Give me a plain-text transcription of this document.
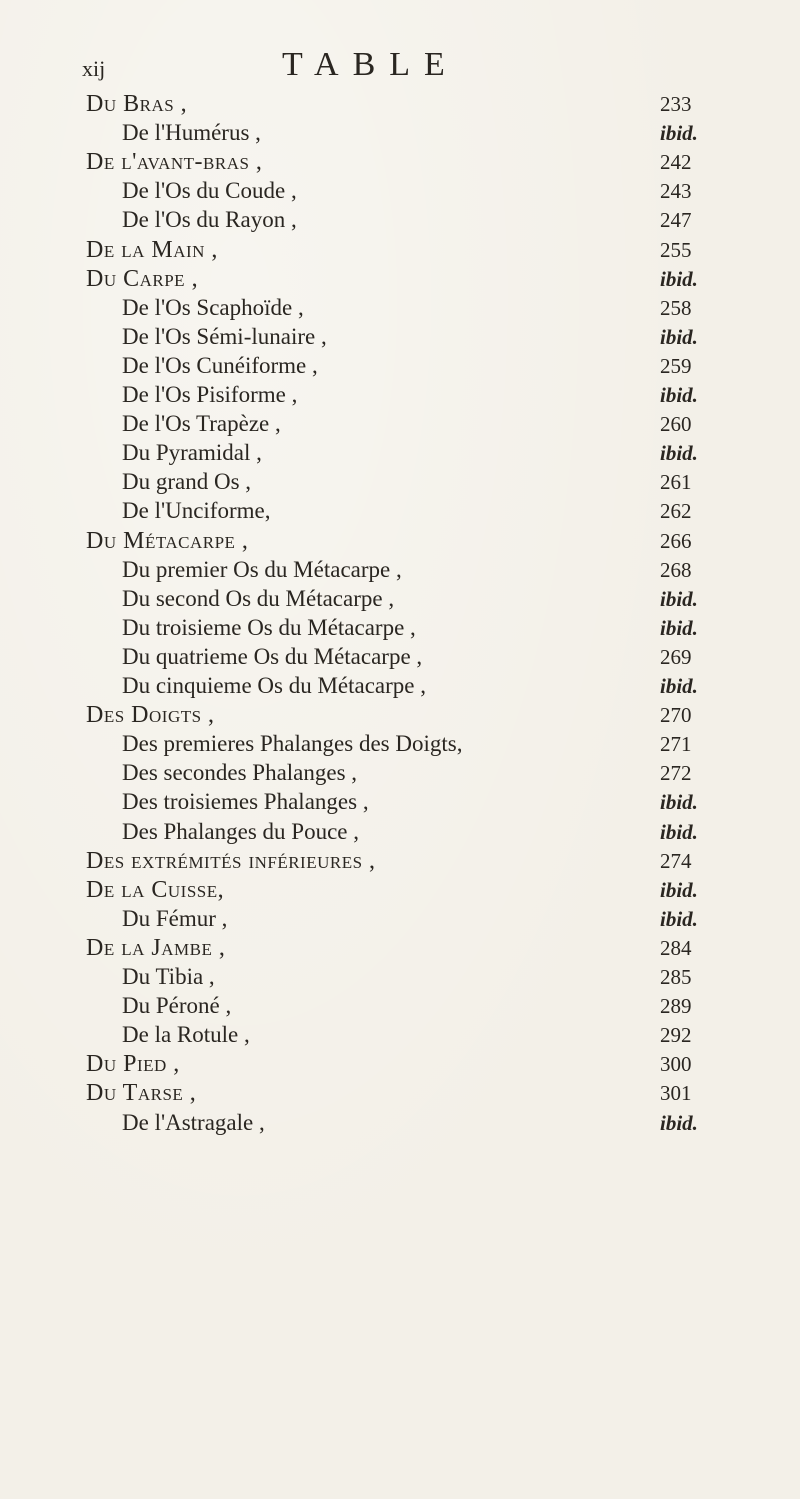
xij	TABLE
Du Bras ,	233
De l'Humérus ,	ibid.
De l'avant-bras ,	242
De l'Os du Coude ,	243
De l'Os du Rayon ,	247
De la Main ,	255
Du Carpe ,	ibid.
De l'Os Scaphoïde ,	258
De l'Os Sémi-lunaire ,	ibid.
De l'Os Cunéiforme ,	259
De l'Os Pisiforme ,	ibid.
De l'Os Trapèze ,	260
Du Pyramidal ,	ibid.
Du grand Os ,	261
De l'Unciforme,	262
Du Métacarpe ,	266
Du premier Os du Métacarpe ,	268
Du second Os du Métacarpe ,	ibid.
Du troisieme Os du Métacarpe ,	ibid.
Du quatrieme Os du Métacarpe ,	269
Du cinquieme Os du Métacarpe ,	ibid.
Des Doigts ,	270
Des premieres Phalanges des Doigts,	271
Des secondes Phalanges ,	272
Des troisiemes Phalanges ,	ibid.
Des Phalanges du Pouce ,	ibid.
Des extrémités inférieures ,	274
De la Cuisse,	ibid.
Du Fémur ,	ibid.
De la Jambe ,	284
Du Tibia ,	285
Du Péroné ,	289
De la Rotule ,	292
Du Pied ,	300
Du Tarse ,	301
De l'Astragale ,	ibid.
